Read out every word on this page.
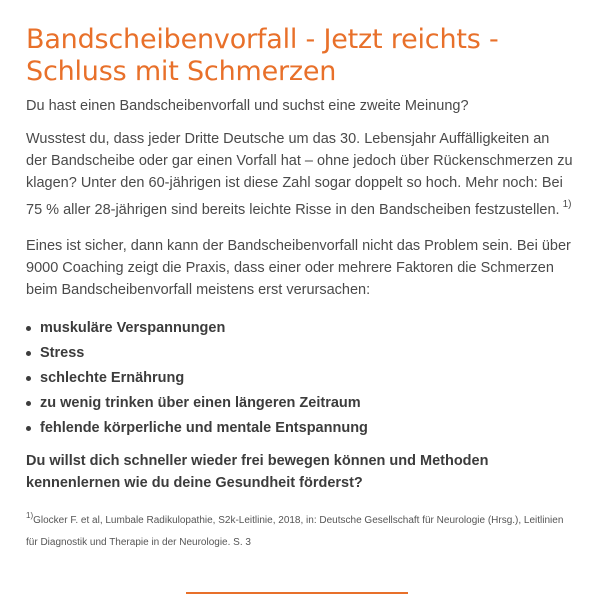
Bandscheibenvorfall - Jetzt reichts - Schluss mit Schmerzen

Du hast einen Bandscheibenvorfall und suchst eine zweite Meinung?

Wusstest du, dass jeder Dritte Deutsche um das 30. Lebensjahr Auffälligkeiten an der Bandscheibe oder gar einen Vorfall hat – ohne jedoch über Rückenschmerzen zu klagen? Unter den 60-jährigen ist diese Zahl sogar doppelt so hoch. Mehr noch: Bei 75 % aller 28-jährigen sind bereits leichte Risse in den Bandscheiben festzustellen. $^{1)}$

Eines ist sicher, dann kann der Bandscheibenvorfall nicht das Problem sein. Bei über 9000 Coaching zeigt die Praxis, dass einer oder mehrere Faktoren die Schmerzen beim Bandscheibenvorfall meistens erst verursachen:

muskuläre Verspannungen
Stress
schlechte Ernährung
zu wenig trinken über einen längeren Zeitraum
fehlende körperliche und mentale Entspannung

Du willst dich schneller wieder frei bewegen können und Methoden kennenlernen wie du deine Gesundheit förderst?

$^{1)}$Glocker F. et al, Lumbale Radikulopathie, S2k-Leitlinie, 2018, in: Deutsche Gesellschaft für Neurologie (Hrsg.), Leitlinien für Diagnostik und Therapie in der Neurologie. S. 3
